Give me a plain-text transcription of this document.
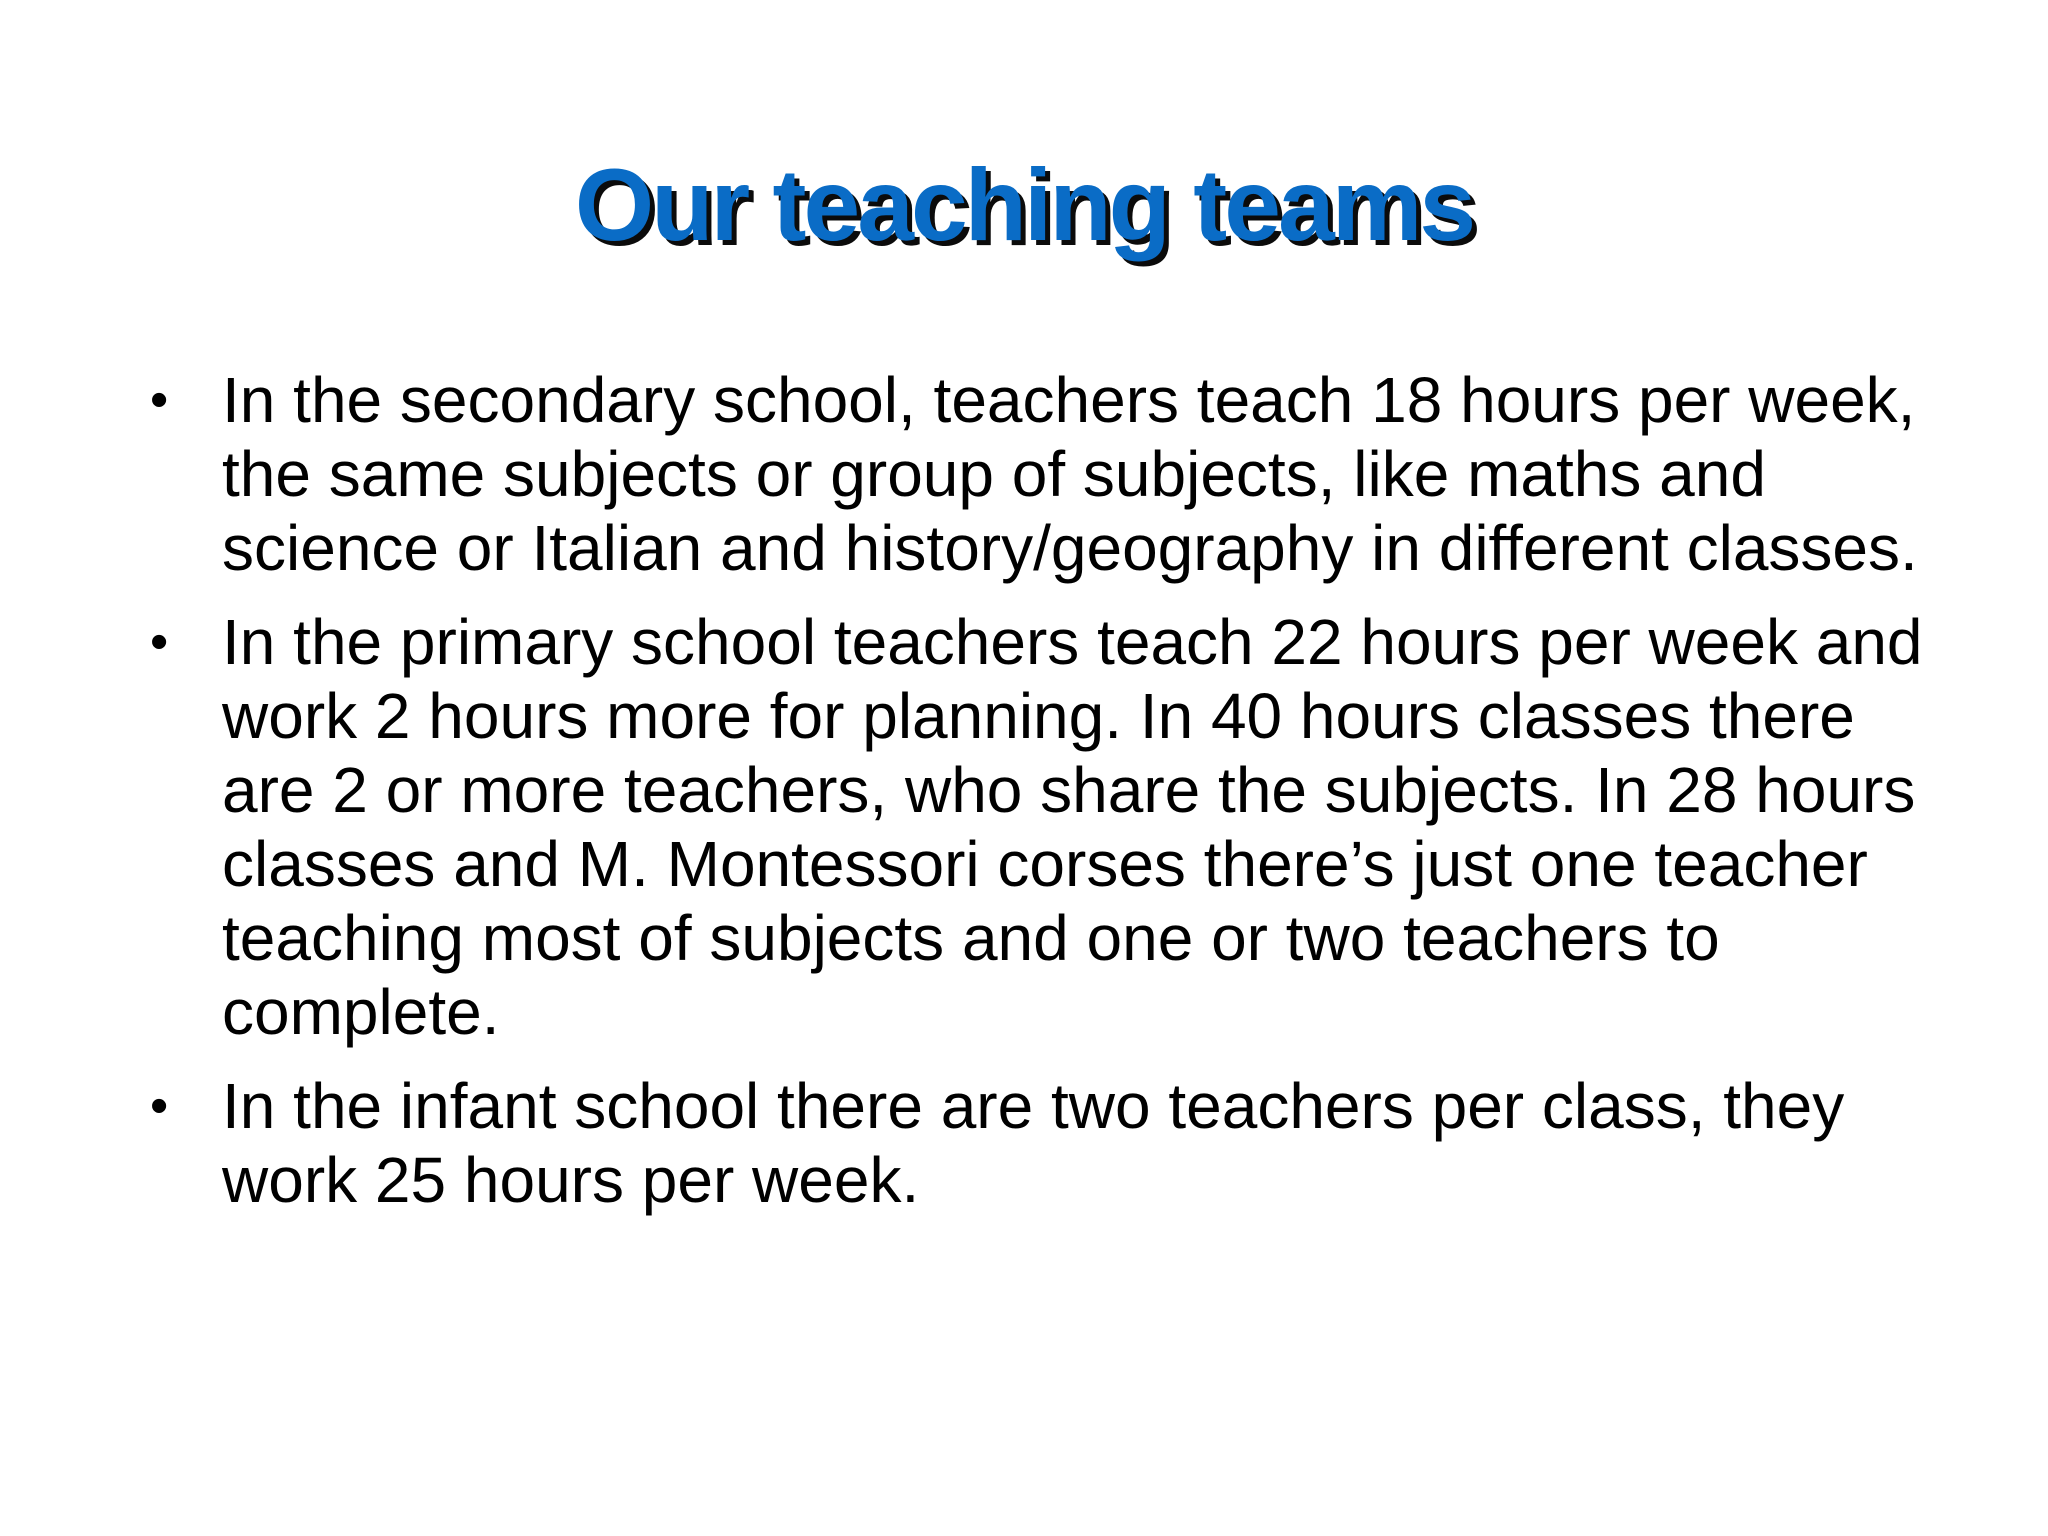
Our teaching teams
• In the secondary school, teachers teach 18 hours per week, the same subjects or group of subjects, like maths and science or Italian and history/geography in different classes.
• In the primary school teachers teach 22 hours per week and work 2 hours more for planning. In 40 hours classes there are 2 or more teachers, who share the subjects. In 28 hours classes and M. Montessori corses there’s just one teacher teaching most of subjects and one or two teachers to complete.
• In the infant school there are two teachers per class, they work 25 hours per week.
